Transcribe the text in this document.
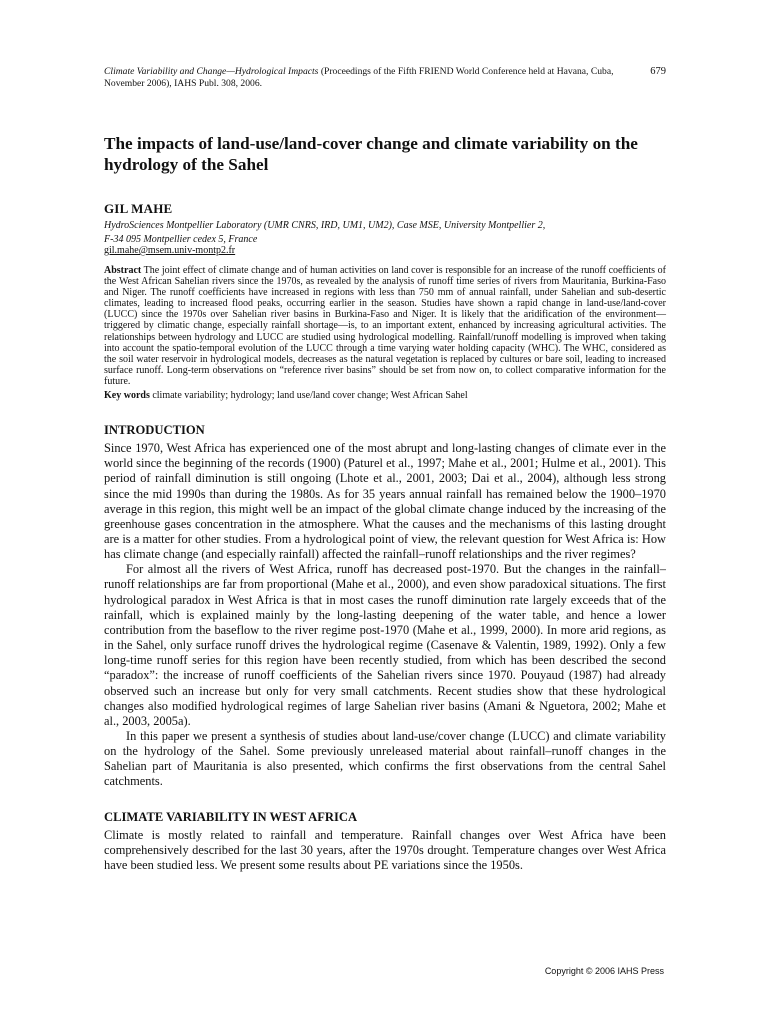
Climate Variability and Change—Hydrological Impacts (Proceedings of the Fifth FRIEND World Conference held at Havana, Cuba, November 2006), IAHS Publ. 308, 2006.
679
The impacts of land-use/land-cover change and climate variability on the hydrology of the Sahel
GIL MAHE
HydroSciences Montpellier Laboratory (UMR CNRS, IRD, UM1, UM2), Case MSE, University Montpellier 2,
F-34 095 Montpellier cedex 5, France
gil.mahe@msem.univ-montp2.fr
Abstract The joint effect of climate change and of human activities on land cover is responsible for an increase of the runoff coefficients of the West African Sahelian rivers since the 1970s, as revealed by the analysis of runoff time series of rivers from Mauritania, Burkina-Faso and Niger. The runoff coefficients have increased in regions with less than 750 mm of annual rainfall, under Sahelian and sub-desertic climates, leading to increased flood peaks, occurring earlier in the season. Studies have shown a rapid change in land-use/land-cover (LUCC) since the 1970s over Sahelian river basins in Burkina-Faso and Niger. It is likely that the aridification of the environment—triggered by climatic change, especially rainfall shortage—is, to an important extent, enhanced by increasing agricultural activities. The relationships between hydrology and LUCC are studied using hydrological modelling. Rainfall/runoff modelling is improved when taking into account the spatio-temporal evolution of the LUCC through a time varying water holding capacity (WHC). The WHC, considered as the soil water reservoir in hydrological models, decreases as the natural vegetation is replaced by cultures or bare soil, leading to increased surface runoff. Long-term observations on “reference river basins” should be set from now on, to collect comparative information for the future.
Key words climate variability; hydrology; land use/land cover change; West African Sahel
INTRODUCTION

Since 1970, West Africa has experienced one of the most abrupt and long-lasting changes of climate ever in the world since the beginning of the records (1900) (Paturel et al., 1997; Mahe et al., 2001; Hulme et al., 2001). This period of rainfall diminution is still ongoing (Lhote et al., 2001, 2003; Dai et al., 2004), although less strong since the mid 1990s than during the 1980s. As for 35 years annual rainfall has remained below the 1900–1970 average in this region, this might well be an impact of the global climate change induced by the increasing of the greenhouse gases concentration in the atmosphere. What the causes and the mechanisms of this lasting drought are is a matter for other studies. From a hydrological point of view, the relevant question for West Africa is: How has climate change (and especially rainfall) affected the rainfall–runoff relationships and the river regimes?

For almost all the rivers of West Africa, runoff has decreased post-1970. But the changes in the rainfall–runoff relationships are far from proportional (Mahe et al., 2000), and even show paradoxical situations. The first hydrological paradox in West Africa is that in most cases the runoff diminution rate largely exceeds that of the rainfall, which is explained mainly by the long-lasting deepening of the water table, and hence a lower contribution from the baseflow to the river regime post-1970 (Mahe et al., 1999, 2000). In more arid regions, as in the Sahel, only surface runoff drives the hydrological regime (Casenave & Valentin, 1989, 1992). Only a few long-time runoff series for this region have been recently studied, from which has been described the second “paradox”: the increase of runoff coefficients of the Sahelian rivers since 1970. Pouyaud (1987) had already observed such an increase but only for very small catchments. Recent studies show that these hydrological changes also modified hydrological regimes of large Sahelian river basins (Amani & Nguetora, 2002; Mahe et al., 2003, 2005a).

In this paper we present a synthesis of studies about land-use/cover change (LUCC) and climate variability on the hydrology of the Sahel. Some previously unreleased material about rainfall–runoff changes in the Sahelian part of Mauritania is also presented, which confirms the first observations from the central Sahel catchments.

CLIMATE VARIABILITY IN WEST AFRICA

Climate is mostly related to rainfall and temperature. Rainfall changes over West Africa have been comprehensively described for the last 30 years, after the 1970s drought. Temperature changes over West Africa have been studied less. We present some results about PE variations since the 1950s.

Copyright © 2006 IAHS Press
